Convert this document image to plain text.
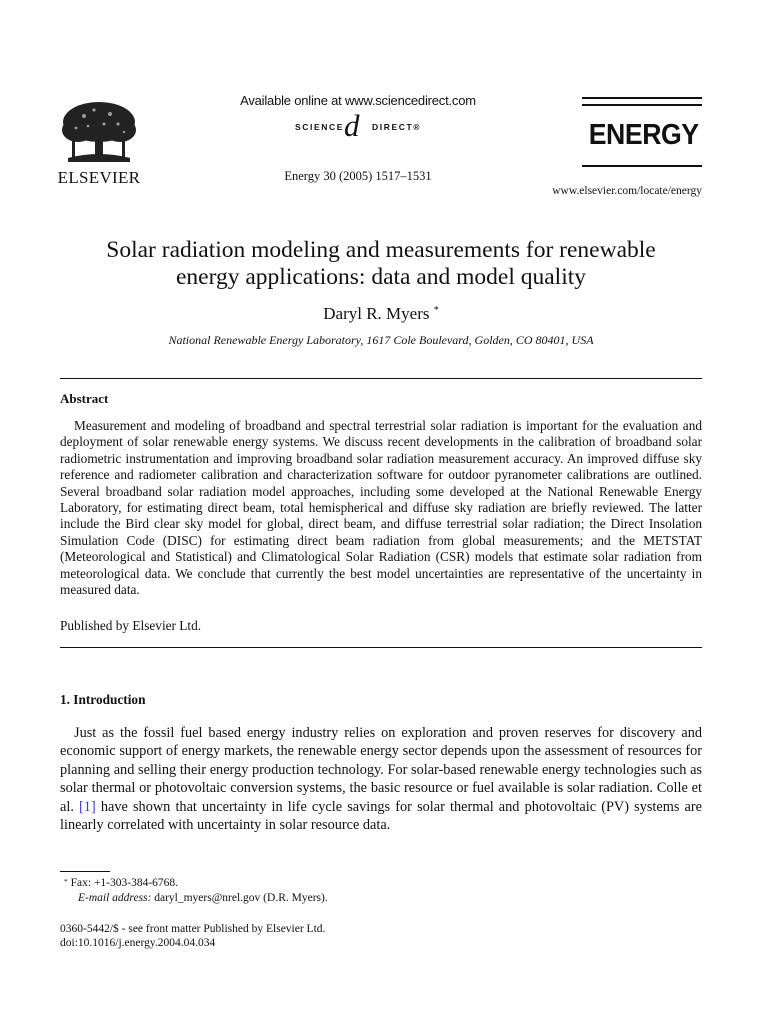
ELSEVIER
Available online at www.sciencedirect.com
SCIENCE d DIRECT®
Energy 30 (2005) 1517–1531
ENERGY
www.elsevier.com/locate/energy
Solar radiation modeling and measurements for renewable
energy applications: data and model quality
Daryl R. Myers *
National Renewable Energy Laboratory, 1617 Cole Boulevard, Golden, CO 80401, USA
Abstract
Measurement and modeling of broadband and spectral terrestrial solar radiation is important for the evaluation and deployment of solar renewable energy systems. We discuss recent developments in the calibration of broadband solar radiometric instrumentation and improving broadband solar radiation measurement accuracy. An improved diffuse sky reference and radiometer calibration and characterization software for outdoor pyranometer calibrations are outlined. Several broadband solar radiation model approaches, including some developed at the National Renewable Energy Laboratory, for estimating direct beam, total hemispherical and diffuse sky radiation are briefly reviewed. The latter include the Bird clear sky model for global, direct beam, and diffuse terrestrial solar radiation; the Direct Insolation Simulation Code (DISC) for estimating direct beam radiation from global measurements; and the METSTAT (Meteorological and Statistical) and Climatological Solar Radiation (CSR) models that estimate solar radiation from meteorological data. We conclude that currently the best model uncertainties are representative of the uncertainty in measured data.
Published by Elsevier Ltd.
1. Introduction
Just as the fossil fuel based energy industry relies on exploration and proven reserves for discovery and economic support of energy markets, the renewable energy sector depends upon the assessment of resources for planning and selling their energy production technology. For solar-based renewable energy technologies such as solar thermal or photovoltaic conversion systems, the basic resource or fuel available is solar radiation. Colle et al. [1] have shown that uncertainty in life cycle savings for solar thermal and photovoltaic (PV) systems are linearly correlated with uncertainty in solar resource data.
* Fax: +1-303-384-6768.
E-mail address: daryl_myers@nrel.gov (D.R. Myers).
0360-5442/$ - see front matter Published by Elsevier Ltd.
doi:10.1016/j.energy.2004.04.034
